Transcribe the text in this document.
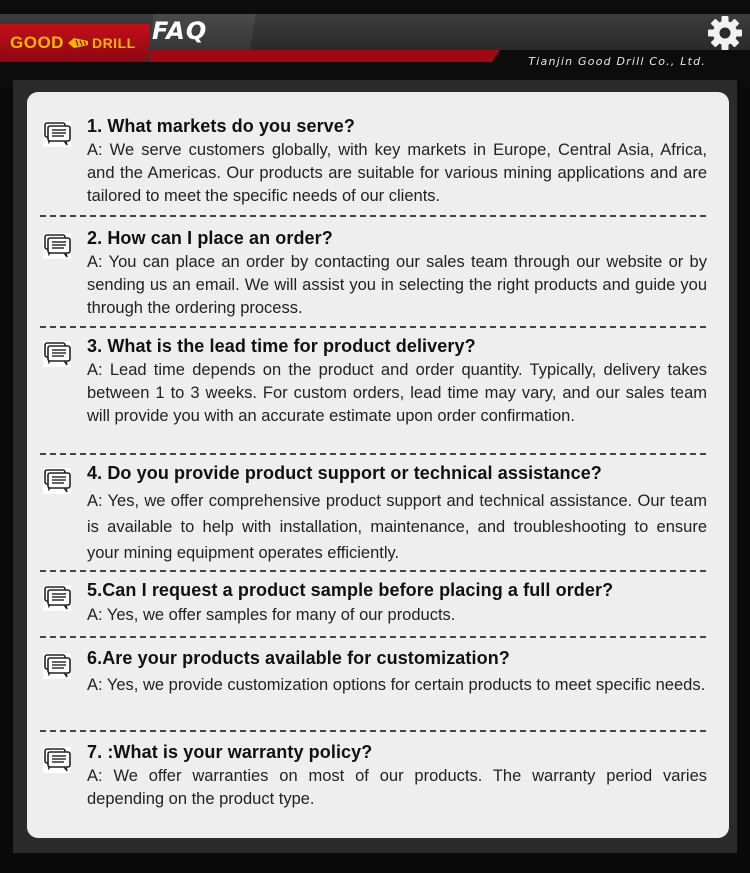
GOOD DRILL FAQ
Tianjin Good Drill Co., Ltd.
1. What markets do you serve?
A: We serve customers globally, with key markets in Europe, Central Asia, Africa, and the Americas. Our products are suitable for various mining applications and are tailored to meet the specific needs of our clients.
2. How can I place an order?
A: You can place an order by contacting our sales team through our website or by sending us an email. We will assist you in selecting the right products and guide you through the ordering process.
3. What is the lead time for product delivery?
A: Lead time depends on the product and order quantity. Typically, delivery takes between 1 to 3 weeks. For custom orders, lead time may vary, and our sales team will provide you with an accurate estimate upon order confirmation.
4. Do you provide product support or technical assistance?
A: Yes, we offer comprehensive product support and technical assistance. Our team is available to help with installation, maintenance, and troubleshooting to ensure your mining equipment operates efficiently.
5.Can I request a product sample before placing a full order?
A: Yes, we offer samples for many of our products.
6.Are your products available for customization?
A: Yes, we provide customization options for certain products to meet specific needs.
7. :What is your warranty policy?
A: We offer warranties on most of our products. The warranty period varies depending on the product type.
